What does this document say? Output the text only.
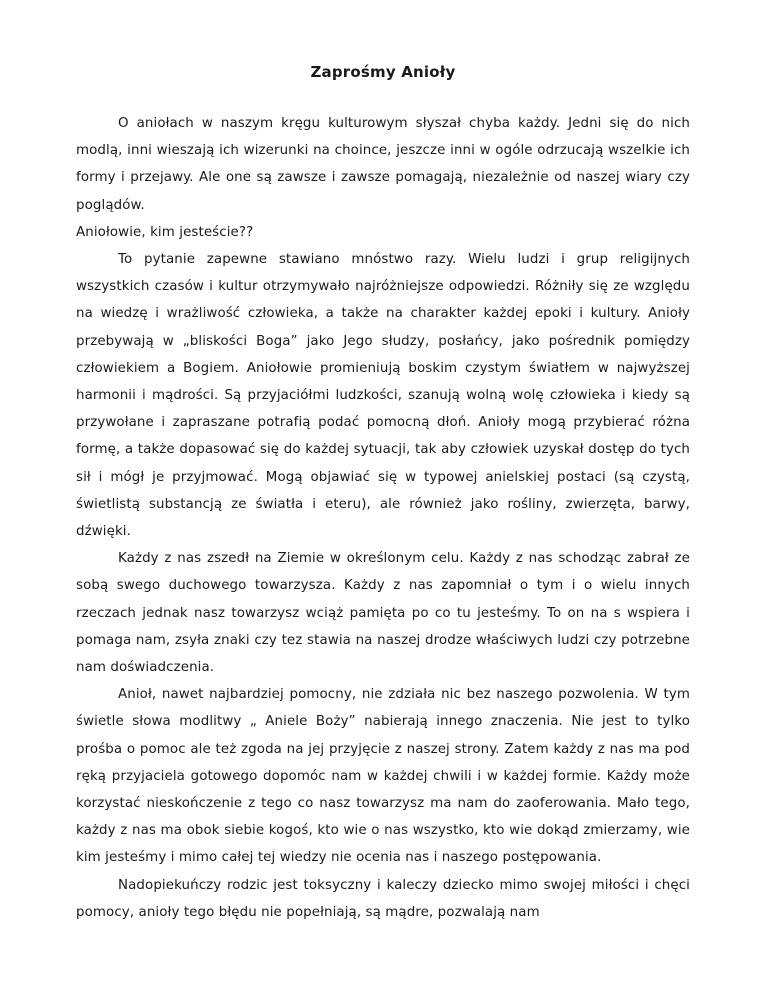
Zaprośmy Anioły

O aniołach w naszym kręgu kulturowym słyszał chyba każdy. Jedni się do nich modlą, inni wieszają ich wizerunki na choince, jeszcze inni w ogóle odrzucają wszelkie ich formy i przejawy. Ale one są zawsze i zawsze pomagają, niezależnie od naszej wiary czy poglądów.

Aniołowie, kim jesteście??

To pytanie zapewne stawiano mnóstwo razy. Wielu ludzi i grup religijnych wszystkich czasów i kultur otrzymywało najróżniejsze odpowiedzi. Różniły się ze względu na wiedzę i wrażliwość człowieka, a także na charakter każdej epoki i kultury. Anioły przebywają w „bliskości Boga” jako Jego słudzy, posłańcy, jako pośrednik pomiędzy człowiekiem a Bogiem. Aniołowie promieniują boskim czystym światłem w najwyższej harmonii i mądrości. Są przyjaciółmi ludzkości, szanują wolną wolę człowieka i kiedy są przywołane i zapraszane potrafią podać pomocną dłoń. Anioły mogą przybierać różna formę, a także dopasować się do każdej sytuacji, tak aby człowiek uzyskał dostęp do tych sił i mógł je przyjmować. Mogą objawiać się w typowej anielskiej postaci (są czystą, świetlistą substancją ze światła i eteru), ale również jako rośliny, zwierzęta, barwy, dźwięki.

Każdy z nas zszedł na Ziemie w określonym celu. Każdy z nas schodząc zabrał ze sobą swego duchowego towarzysza. Każdy z nas zapomniał o tym i o wielu innych rzeczach jednak nasz towarzysz wciąż pamięta po co tu jesteśmy. To on na s wspiera i pomaga nam, zsyła znaki czy tez stawia na naszej drodze właściwych ludzi czy potrzebne nam doświadczenia.

Anioł, nawet najbardziej pomocny, nie zdziała nic bez naszego pozwolenia. W tym świetle słowa modlitwy „ Aniele Boży” nabierają innego znaczenia. Nie jest to tylko prośba o pomoc ale też zgoda na jej przyjęcie z naszej strony. Zatem każdy z nas ma pod ręką przyjaciela gotowego dopomóc nam w każdej chwili i w każdej formie. Każdy może korzystać nieskończenie z tego co nasz towarzysz ma nam do zaoferowania. Mało tego, każdy z nas ma obok siebie kogoś, kto wie o nas wszystko, kto wie dokąd zmierzamy, wie kim jesteśmy i mimo całej tej wiedzy nie ocenia nas i naszego postępowania.

Nadopiekuńczy rodzic jest toksyczny i kaleczy dziecko mimo swojej miłości i chęci pomocy, anioły tego błędu nie popełniają, są mądre, pozwalają nam
